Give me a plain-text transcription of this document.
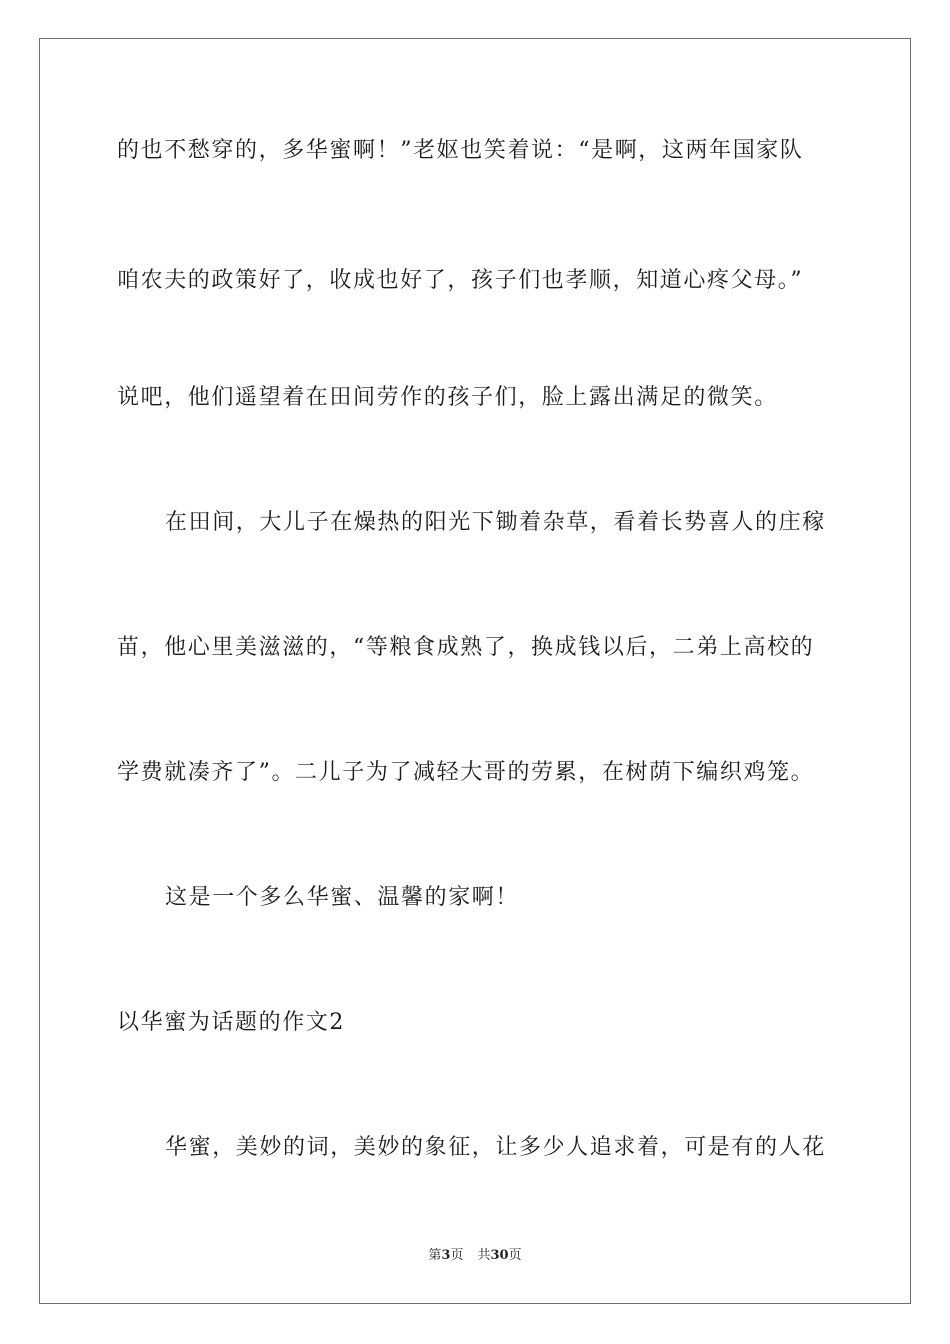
的也不愁穿的，多华蜜啊！”老妪也笑着说：“是啊，这两年国家队
咱农夫的政策好了，收成也好了，孩子们也孝顺，知道心疼父母。”
说吧，他们遥望着在田间劳作的孩子们，脸上露出满足的微笑。
在田间，大儿子在燥热的阳光下锄着杂草，看着长势喜人的庄稼
苗，他心里美滋滋的，“等粮食成熟了，换成钱以后，二弟上高校的
学费就凑齐了”。二儿子为了减轻大哥的劳累，在树荫下编织鸡笼。
这是一个多么华蜜、温馨的家啊！
以华蜜为话题的作文2
华蜜，美妙的词，美妙的象征，让多少人追求着，可是有的人花
第3页 共30页
